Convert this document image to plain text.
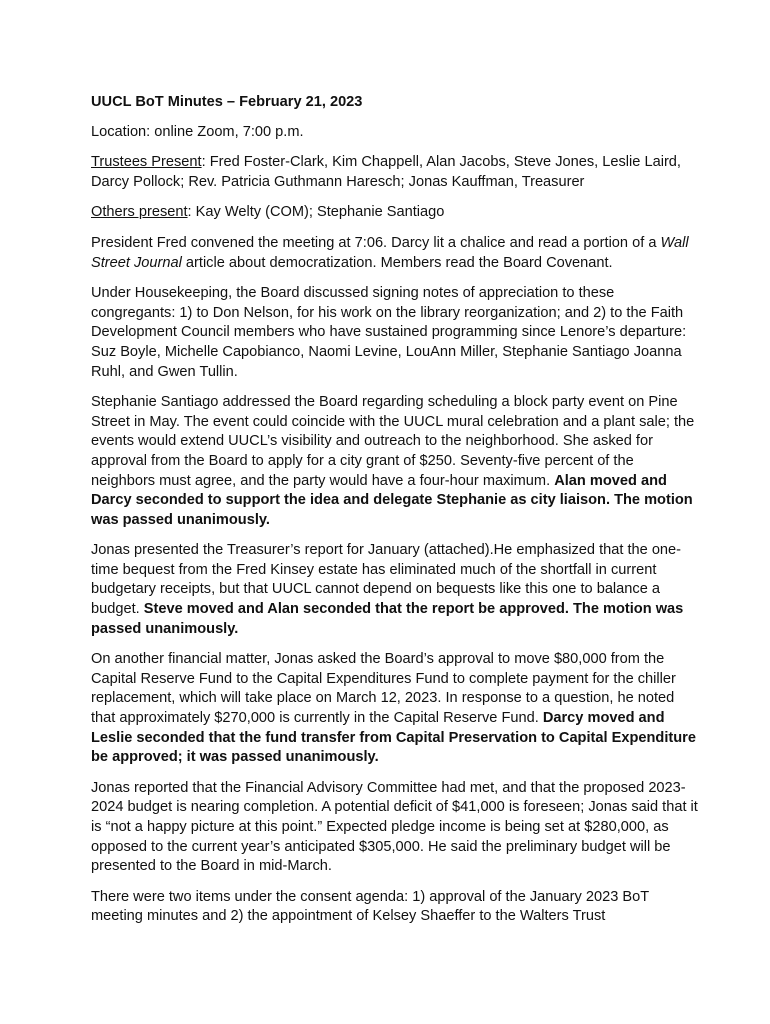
UUCL BoT Minutes – February 21, 2023

Location: online Zoom, 7:00 p.m.

Trustees Present: Fred Foster-Clark, Kim Chappell, Alan Jacobs, Steve Jones, Leslie Laird, Darcy Pollock; Rev. Patricia Guthmann Haresch; Jonas Kauffman, Treasurer

Others present: Kay Welty (COM); Stephanie Santiago

President Fred convened the meeting at 7:06. Darcy lit a chalice and read a portion of a Wall Street Journal article about democratization. Members read the Board Covenant.

Under Housekeeping, the Board discussed signing notes of appreciation to these congregants: 1) to Don Nelson, for his work on the library reorganization; and 2) to the Faith Development Council members who have sustained programming since Lenore’s departure: Suz Boyle, Michelle Capobianco, Naomi Levine, LouAnn Miller, Stephanie Santiago Joanna Ruhl, and Gwen Tullin.

Stephanie Santiago addressed the Board regarding scheduling a block party event on Pine Street in May. The event could coincide with the UUCL mural celebration and a plant sale; the events would extend UUCL’s visibility and outreach to the neighborhood. She asked for approval from the Board to apply for a city grant of $250. Seventy-five percent of the neighbors must agree, and the party would have a four-hour maximum. Alan moved and Darcy seconded to support the idea and delegate Stephanie as city liaison. The motion was passed unanimously.

Jonas presented the Treasurer’s report for January (attached).He emphasized that the one-time bequest from the Fred Kinsey estate has eliminated much of the shortfall in current budgetary receipts, but that UUCL cannot depend on bequests like this one to balance a budget. Steve moved and Alan seconded that the report be approved. The motion was passed unanimously.

On another financial matter, Jonas asked the Board’s approval to move $80,000 from the Capital Reserve Fund to the Capital Expenditures Fund to complete payment for the chiller replacement, which will take place on March 12, 2023. In response to a question, he noted that approximately $270,000 is currently in the Capital Reserve Fund. Darcy moved and Leslie seconded that the fund transfer from Capital Preservation to Capital Expenditure be approved; it was passed unanimously.

Jonas reported that the Financial Advisory Committee had met, and that the proposed 2023-2024 budget is nearing completion. A potential deficit of $41,000 is foreseen; Jonas said that it is “not a happy picture at this point.” Expected pledge income is being set at $280,000, as opposed to the current year’s anticipated $305,000. He said the preliminary budget will be presented to the Board in mid-March.

There were two items under the consent agenda: 1) approval of the January 2023 BoT meeting minutes and 2) the appointment of Kelsey Shaeffer to the Walters Trust
